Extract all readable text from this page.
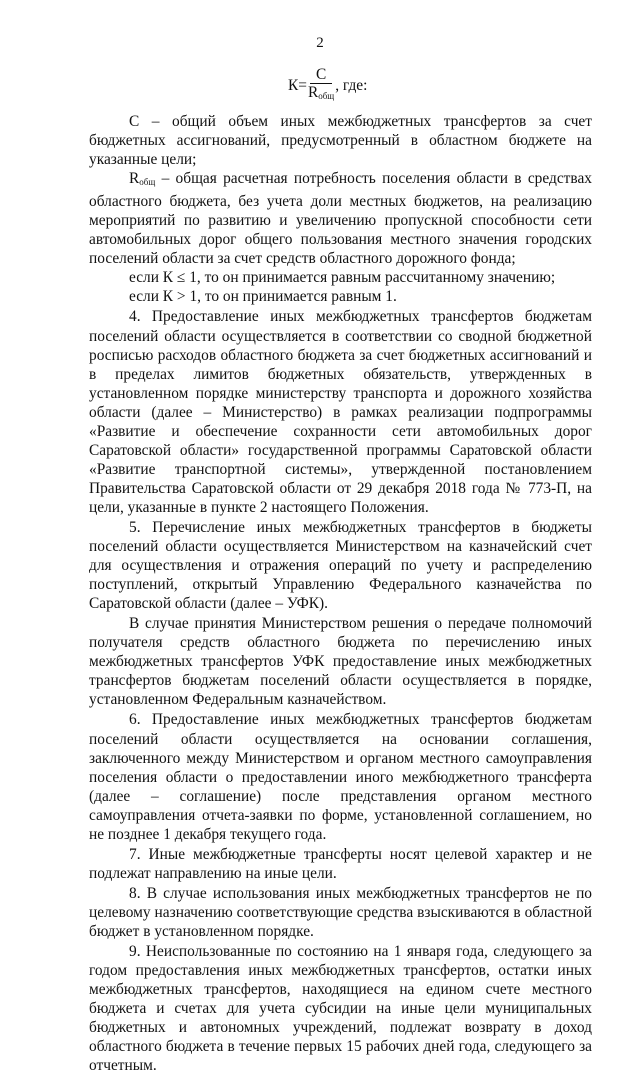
2
$К= \frac{С}{R_{общ}}$ , где:

С – общий объем иных межбюджетных трансфертов за счет бюджетных ассигнований, предусмотренный в областном бюджете на указанные цели;

$R_{общ}$ – общая расчетная потребность поселения области в средствах областного бюджета, без учета доли местных бюджетов, на реализацию мероприятий по развитию и увеличению пропускной способности сети автомобильных дорог общего пользования местного значения городских поселений области за счет средств областного дорожного фонда;

если К ≤ 1, то он принимается равным рассчитанному значению;

если К > 1, то он принимается равным 1.

4. Предоставление иных межбюджетных трансфертов бюджетам поселений области осуществляется в соответствии со сводной бюджетной росписью расходов областного бюджета за счет бюджетных ассигнований и в пределах лимитов бюджетных обязательств, утвержденных в установленном порядке министерству транспорта и дорожного хозяйства области (далее – Министерство) в рамках реализации подпрограммы «Развитие и обеспечение сохранности сети автомобильных дорог Саратовской области» государственной программы Саратовской области «Развитие транспортной системы», утвержденной постановлением Правительства Саратовской области от 29 декабря 2018 года № 773-П, на цели, указанные в пункте 2 настоящего Положения.

5. Перечисление иных межбюджетных трансфертов в бюджеты поселений области осуществляется Министерством на казначейский счет для осуществления и отражения операций по учету и распределению поступлений, открытый Управлению Федерального казначейства по Саратовской области (далее – УФК).

В случае принятия Министерством решения о передаче полномочий получателя средств областного бюджета по перечислению иных межбюджетных трансфертов УФК предоставление иных межбюджетных трансфертов бюджетам поселений области осуществляется в порядке, установленном Федеральным казначейством.

6. Предоставление иных межбюджетных трансфертов бюджетам поселений области осуществляется на основании соглашения, заключенного между Министерством и органом местного самоуправления поселения области о предоставлении иного межбюджетного трансферта (далее – соглашение) после представления органом местного самоуправления отчета-заявки по форме, установленной соглашением, но не позднее 1 декабря текущего года.

7. Иные межбюджетные трансферты носят целевой характер и не подлежат направлению на иные цели.

8. В случае использования иных межбюджетных трансфертов не по целевому назначению соответствующие средства взыскиваются в областной бюджет в установленном порядке.

9. Неиспользованные по состоянию на 1 января года, следующего за годом предоставления иных межбюджетных трансфертов, остатки иных межбюджетных трансфертов, находящиеся на едином счете местного бюджета и счетах для учета субсидии на иные цели муниципальных бюджетных и автономных учреждений, подлежат возврату в доход областного бюджета в течение первых 15 рабочих дней года, следующего за отчетным.
